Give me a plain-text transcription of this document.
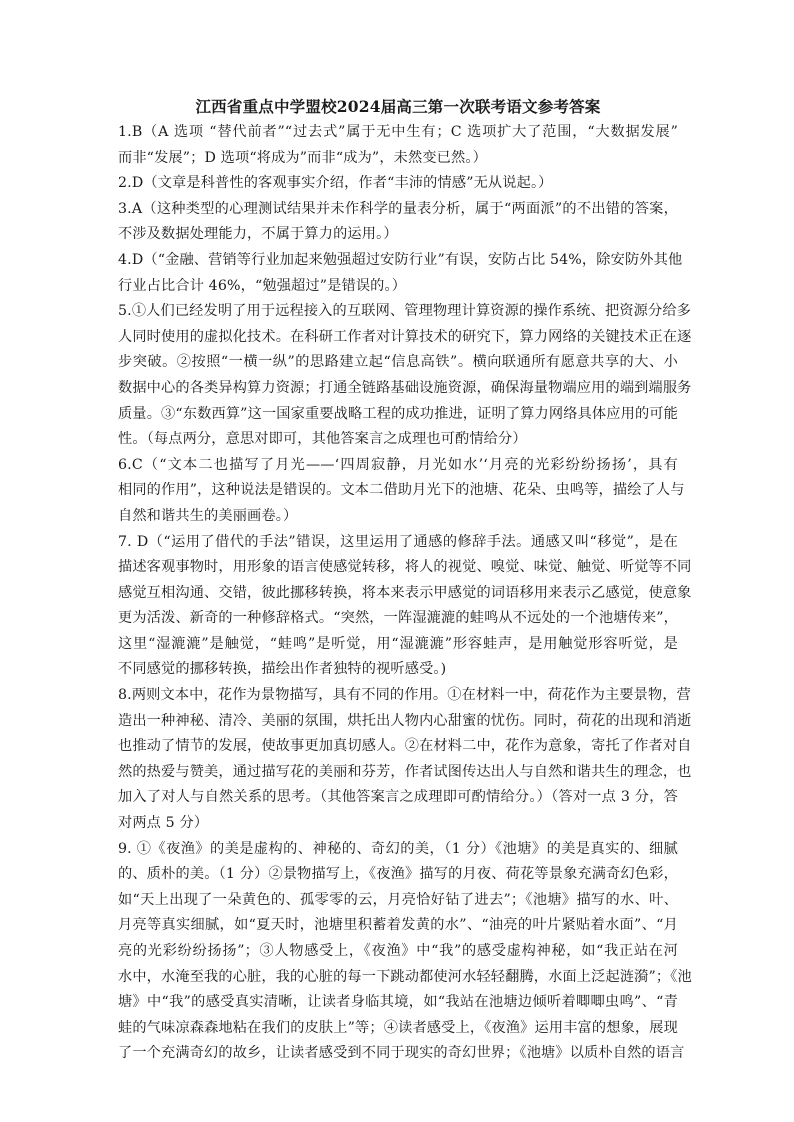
江西省重点中学盟校2024届高三第一次联考语文参考答案
1.B（A 选项 “替代前者”“过去式”属于无中生有；C 选项扩大了范围，“大数据发展”
而非“发展”；D 选项“将成为”而非“成为”，未然变已然。）
2.D（文章是科普性的客观事实介绍，作者“丰沛的情感”无从说起。）
3.A（这种类型的心理测试结果并未作科学的量表分析，属于“两面派”的不出错的答案，
不涉及数据处理能力，不属于算力的运用。）
4.D（“金融、营销等行业加起来勉强超过安防行业”有误，安防占比 54%，除安防外其他
行业占比合计 46%，“勉强超过”是错误的。）
5.①人们已经发明了用于远程接入的互联网、管理物理计算资源的操作系统、把资源分给多
人同时使用的虚拟化技术。在科研工作者对计算技术的研究下，算力网络的关键技术正在逐
步突破。②按照“一横一纵”的思路建立起“信息高铁”。横向联通所有愿意共享的大、小
数据中心的各类异构算力资源；打通全链路基础设施资源，确保海量物端应用的端到端服务
质量。③“东数西算”这一国家重要战略工程的成功推进，证明了算力网络具体应用的可能
性。（每点两分，意思对即可，其他答案言之成理也可酌情给分）
6.C（“文本二也描写了月光——‘四周寂静，月光如水’‘月亮的光彩纷纷扬扬’，具有
相同的作用”，这种说法是错误的。文本二借助月光下的池塘、花朵、虫鸣等，描绘了人与
自然和谐共生的美丽画卷。）
7. D（“运用了借代的手法”错误，这里运用了通感的修辞手法。通感又叫“移觉”，是在
描述客观事物时，用形象的语言使感觉转移，将人的视觉、嗅觉、味觉、触觉、听觉等不同
感觉互相沟通、交错，彼此挪移转换，将本来表示甲感觉的词语移用来表示乙感觉，使意象
更为活泼、新奇的一种修辞格式。“突然，一阵湿漉漉的蛙鸣从不远处的一个池塘传来”，
这里“湿漉漉”是触觉，“蛙鸣”是听觉，用“湿漉漉”形容蛙声，是用触觉形容听觉，是
不同感觉的挪移转换，描绘出作者独特的视听感受。)
8.两则文本中，花作为景物描写，具有不同的作用。①在材料一中，荷花作为主要景物，营
造出一种神秘、清冷、美丽的氛围，烘托出人物内心甜蜜的忧伤。同时，荷花的出现和消逝
也推动了情节的发展，使故事更加真切感人。②在材料二中，花作为意象，寄托了作者对自
然的热爱与赞美，通过描写花的美丽和芬芳，作者试图传达出人与自然和谐共生的理念，也
加入了对人与自然关系的思考。（其他答案言之成理即可酌情给分。）（答对一点 3 分，答
对两点 5 分）
9. ①《夜渔》的美是虚构的、神秘的、奇幻的美，（1 分）《池塘》的美是真实的、细腻
的、质朴的美。（1 分）②景物描写上，《夜渔》描写的月夜、荷花等景象充满奇幻色彩，
如“天上出现了一朵黄色的、孤零零的云，月亮恰好钻了进去”；《池塘》描写的水、叶、
月亮等真实细腻，如“夏天时，池塘里积蓄着发黄的水”、“油亮的叶片紧贴着水面”、“月
亮的光彩纷纷扬扬”；③人物感受上，《夜渔》中“我”的感受虚构神秘，如“我正站在河
水中，水淹至我的心脏，我的心脏的每一下跳动都使河水轻轻翻腾，水面上泛起涟漪”；《池
塘》中“我”的感受真实清晰，让读者身临其境，如“我站在池塘边倾听着唧唧虫鸣”、“青
蛙的气味凉森森地粘在我们的皮肤上”等；④读者感受上，《夜渔》运用丰富的想象，展现
了一个充满奇幻的故乡，让读者感受到不同于现实的奇幻世界；《池塘》以质朴自然的语言
